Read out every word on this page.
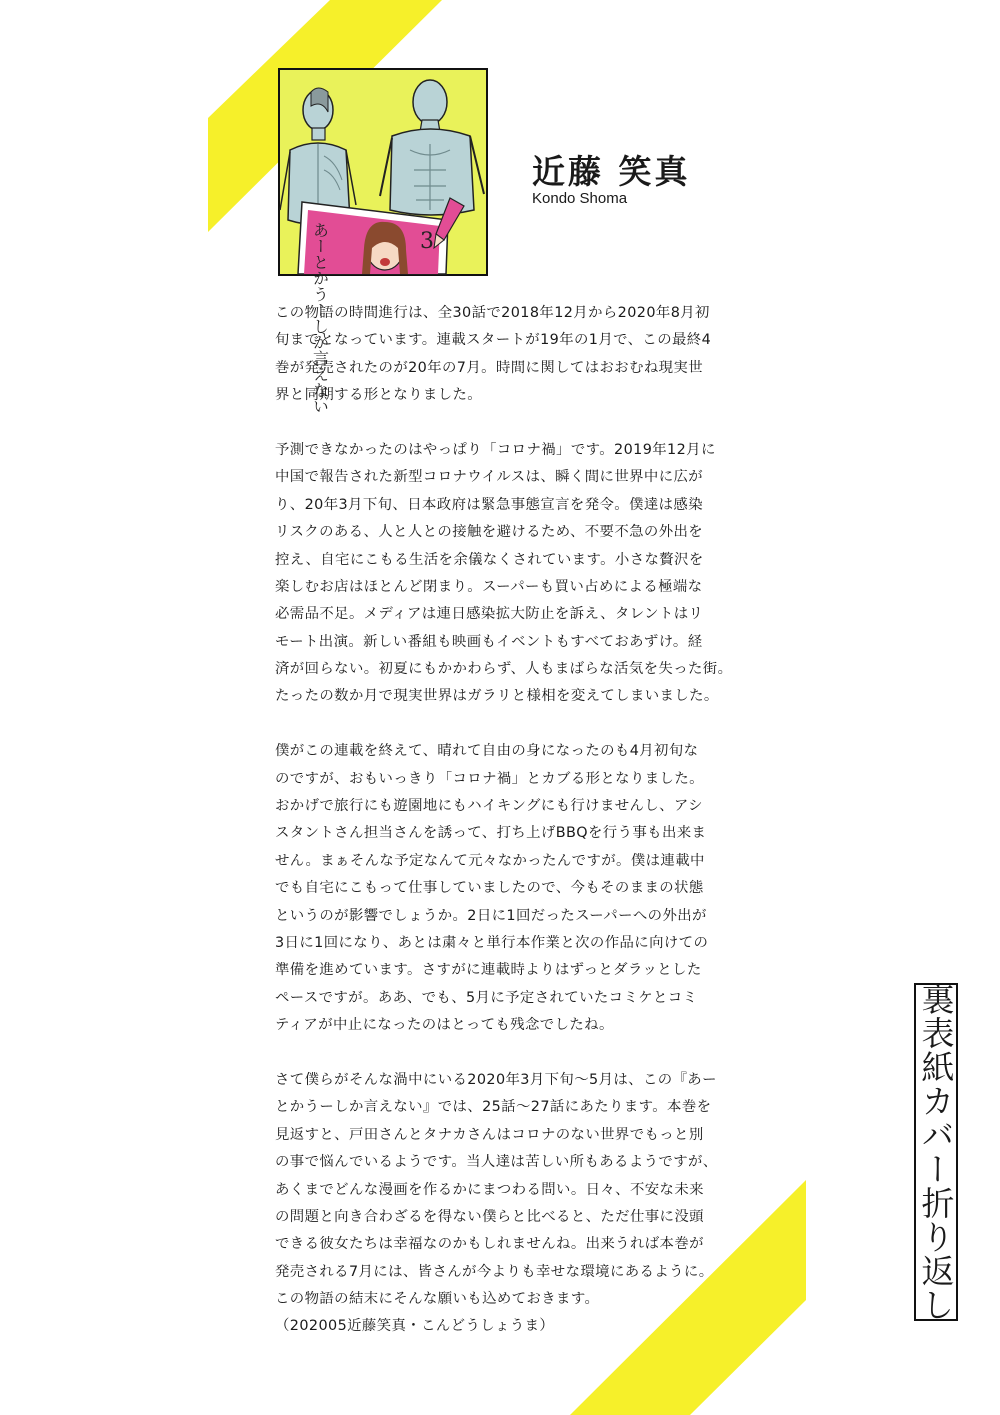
あーとかうーしか言えない	3
近藤 笑真
Kondo Shoma
この物語の時間進行は、全30話で2018年12月から2020年8月初
旬までとなっています。連載スタートが19年の1月で、この最終4
巻が発売されたのが20年の7月。時間に関してはおおむね現実世
界と同期する形となりました。
予測できなかったのはやっぱり「コロナ禍」です。2019年12月に
中国で報告された新型コロナウイルスは、瞬く間に世界中に広が
り、20年3月下旬、日本政府は緊急事態宣言を発令。僕達は感染
リスクのある、人と人との接触を避けるため、不要不急の外出を
控え、自宅にこもる生活を余儀なくされています。小さな贅沢を
楽しむお店はほとんど閉まり。スーパーも買い占めによる極端な
必需品不足。メディアは連日感染拡大防止を訴え、タレントはリ
モート出演。新しい番組も映画もイベントもすべておあずけ。経
済が回らない。初夏にもかかわらず、人もまばらな活気を失った街。
たったの数か月で現実世界はガラリと様相を変えてしまいました。
僕がこの連載を終えて、晴れて自由の身になったのも4月初旬な
のですが、おもいっきり「コロナ禍」とカブる形となりました。
おかげで旅行にも遊園地にもハイキングにも行けませんし、アシ
スタントさん担当さんを誘って、打ち上げBBQを行う事も出来ま
せん。まぁそんな予定なんて元々なかったんですが。僕は連載中
でも自宅にこもって仕事していましたので、今もそのままの状態
というのが影響でしょうか。2日に1回だったスーパーへの外出が
3日に1回になり、あとは粛々と単行本作業と次の作品に向けての
準備を進めています。さすがに連載時よりはずっとダラッとした
ペースですが。ああ、でも、5月に予定されていたコミケとコミ
ティアが中止になったのはとっても残念でしたね。
さて僕らがそんな渦中にいる2020年3月下旬〜5月は、この『あー
とかうーしか言えない』では、25話〜27話にあたります。本巻を
見返すと、戸田さんとタナカさんはコロナのない世界でもっと別
の事で悩んでいるようです。当人達は苦しい所もあるようですが、
あくまでどんな漫画を作るかにまつわる問い。日々、不安な未来
の問題と向き合わざるを得ない僕らと比べると、ただ仕事に没頭
できる彼女たちは幸福なのかもしれませんね。出来うれば本巻が
発売される7月には、皆さんが今よりも幸せな環境にあるように。
この物語の結末にそんな願いも込めておきます。
（202005近藤笑真・こんどうしょうま）
裏表紙カバー折り返し
